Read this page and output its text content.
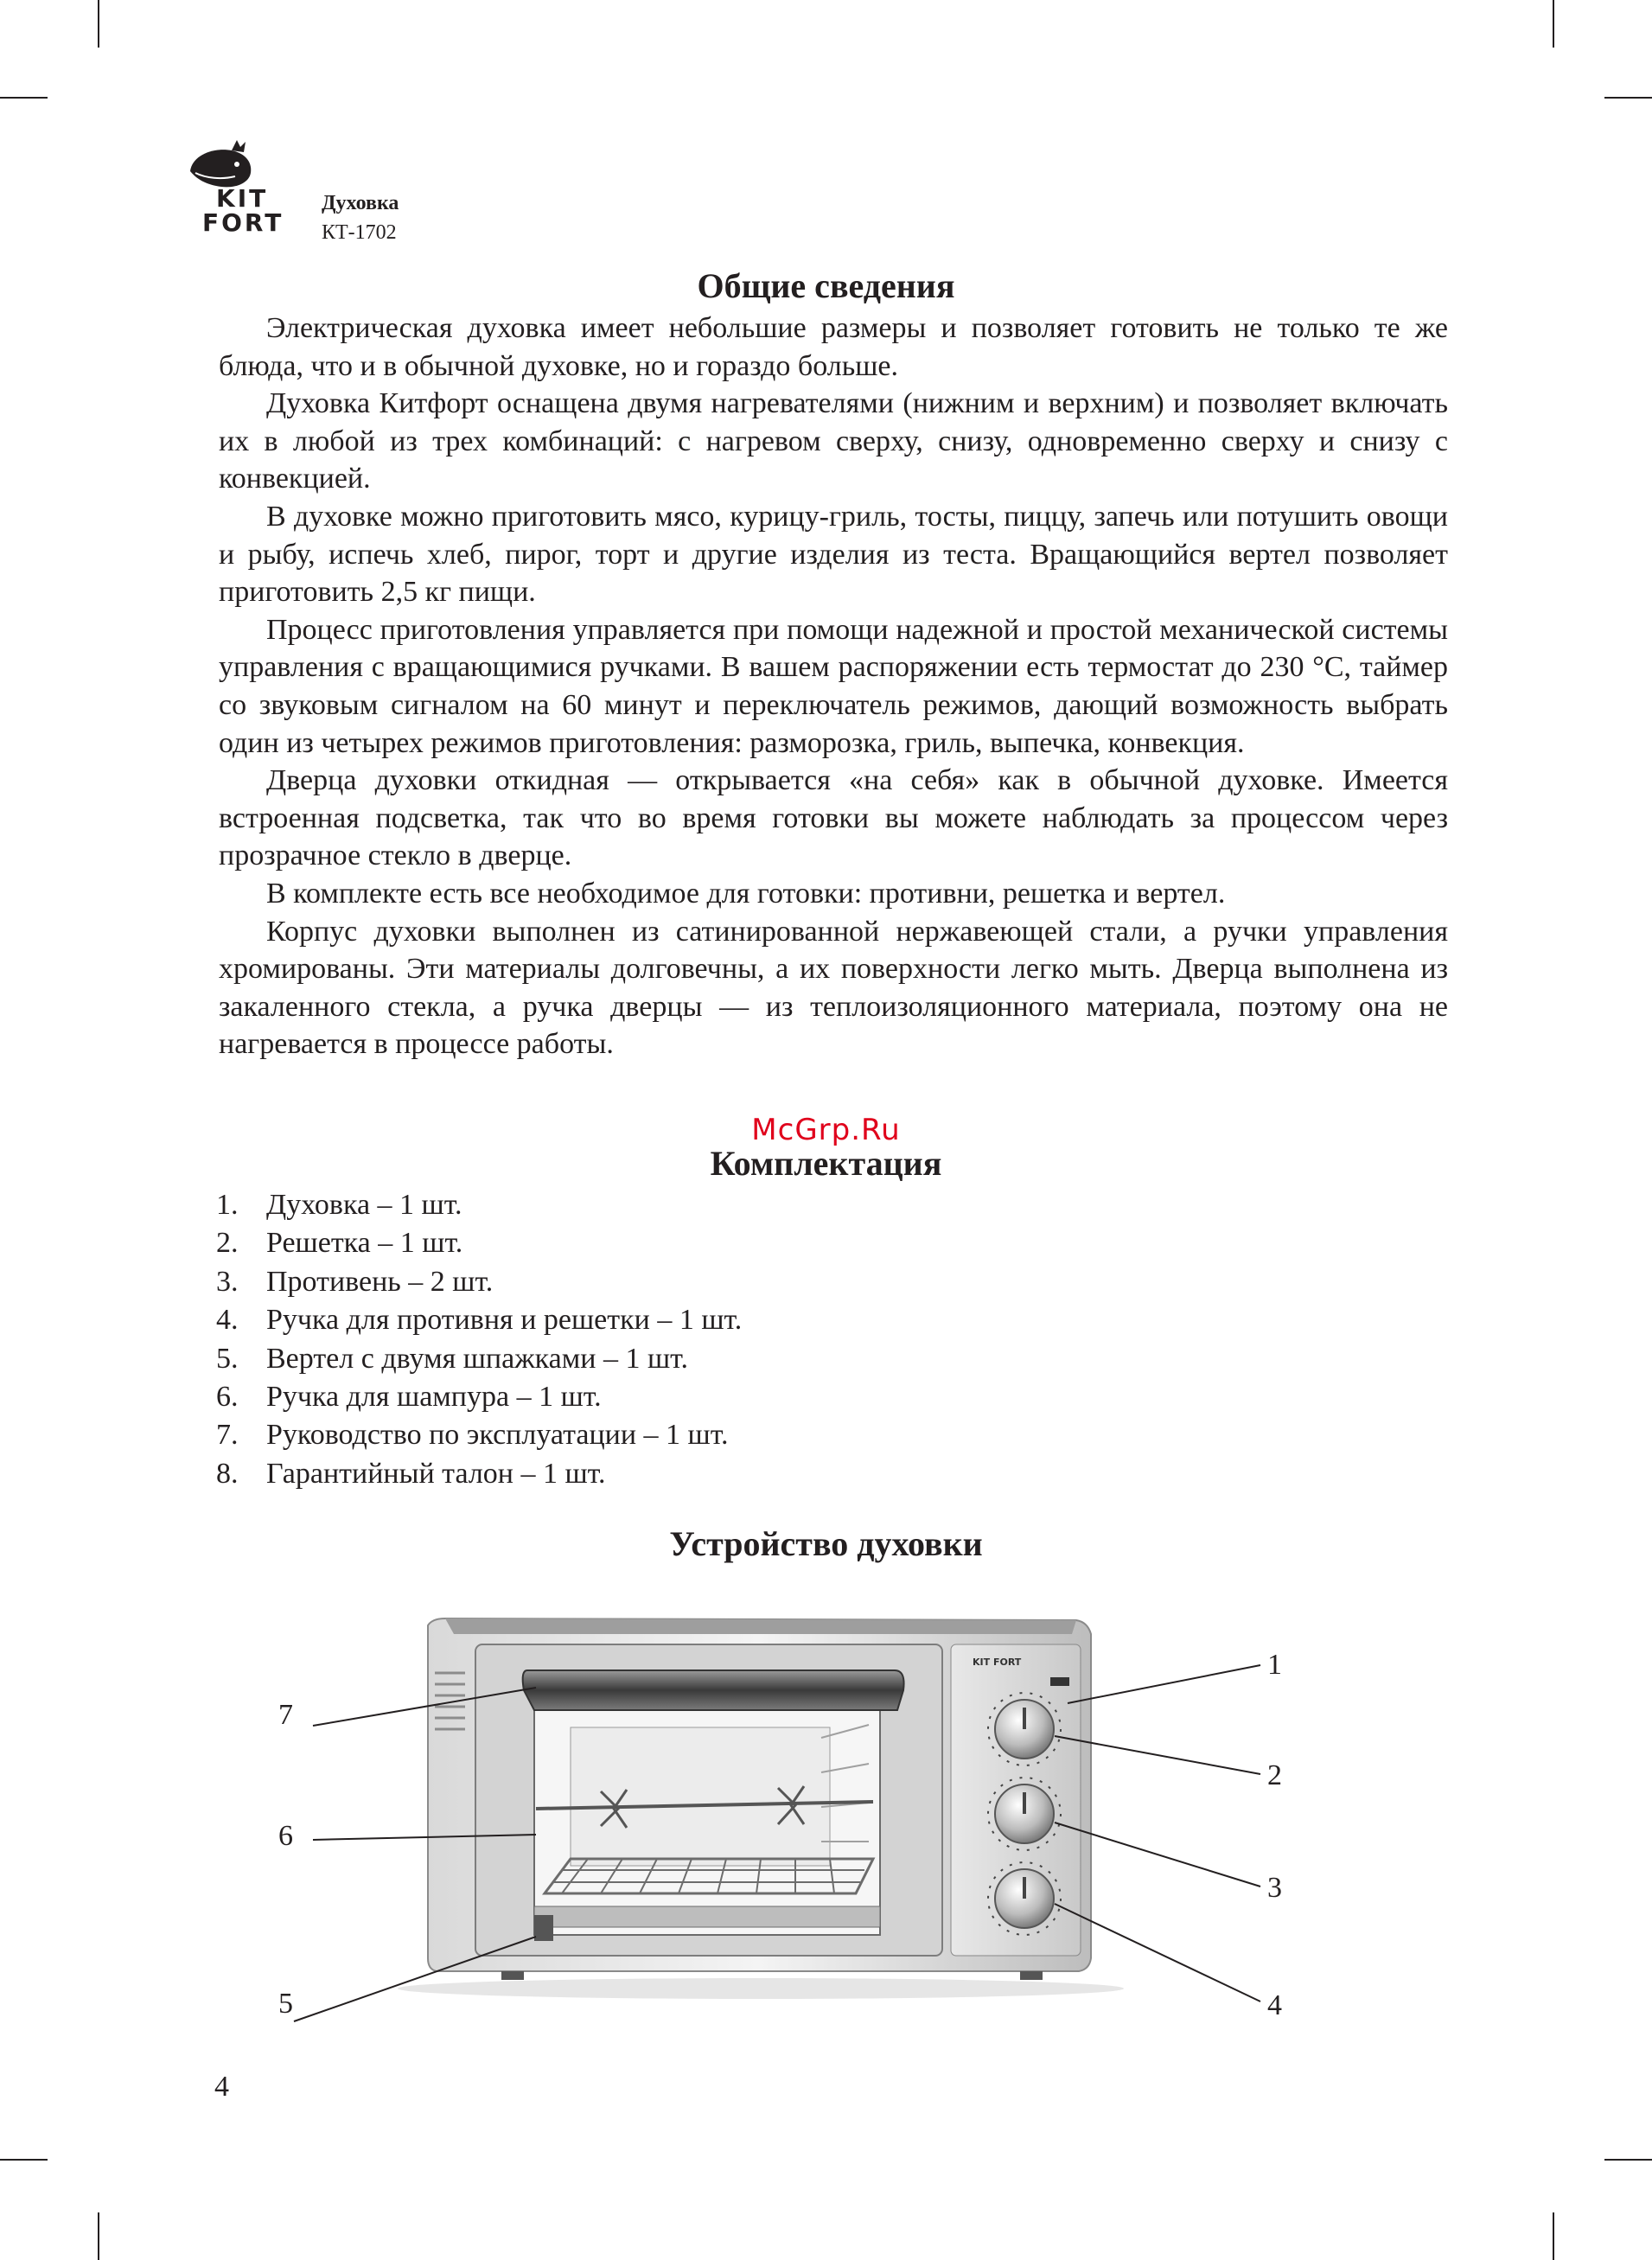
KIT
FORT
Духовка
КТ-1702
Общие сведения

Электрическая духовка имеет небольшие размеры и позволяет готовить не только те же блюда, что и в обычной духовке, но и гораздо больше.

Духовка Китфорт оснащена двумя нагревателями (нижним и верхним) и позволяет включать их в любой из трех комбинаций: с нагревом сверху, снизу, одновременно сверху и снизу с конвекцией.

В духовке можно приготовить мясо, курицу-гриль, тосты, пиццу, запечь или потушить овощи и рыбу, испечь хлеб, пирог, торт и другие изделия из теста. Вращающийся вертел позволяет приготовить 2,5 кг пищи.

Процесс приготовления управляется при помощи надежной и простой механической системы управления с вращающимися ручками. В вашем распоряжении есть термостат до 230 °С, таймер со звуковым сигналом на 60 минут и переключатель режимов, дающий возможность выбрать один из четырех режимов приготовления: разморозка, гриль, выпечка, конвекция.

Дверца духовки откидная — открывается «на себя» как в обычной духовке. Имеется встроенная подсветка, так что во время готовки вы можете наблюдать за процессом через прозрачное стекло в дверце.

В комплекте есть все необходимое для готовки: противни, решетка и вертел.

Корпус духовки выполнен из сатинированной нержавеющей стали, а ручки управления хромированы. Эти материалы долговечны, а их поверхности легко мыть. Дверца выполнена из закаленного стекла, а ручка дверцы — из теплоизоляционного материала, поэтому она не нагревается в процессе работы.

McGrp.Ru
Комплектация
1. Духовка – 1 шт.
2. Решетка – 1 шт.
3. Противень – 2 шт.
4. Ручка для противня и решетки – 1 шт.
5. Вертел с двумя шпажками – 1 шт.
6. Ручка для шампура – 1 шт.
7. Руководство по эксплуатации – 1 шт.
8. Гарантийный талон – 1 шт.
Устройство духовки
KIT FORT	1
2
3
4
5
6
7
4
